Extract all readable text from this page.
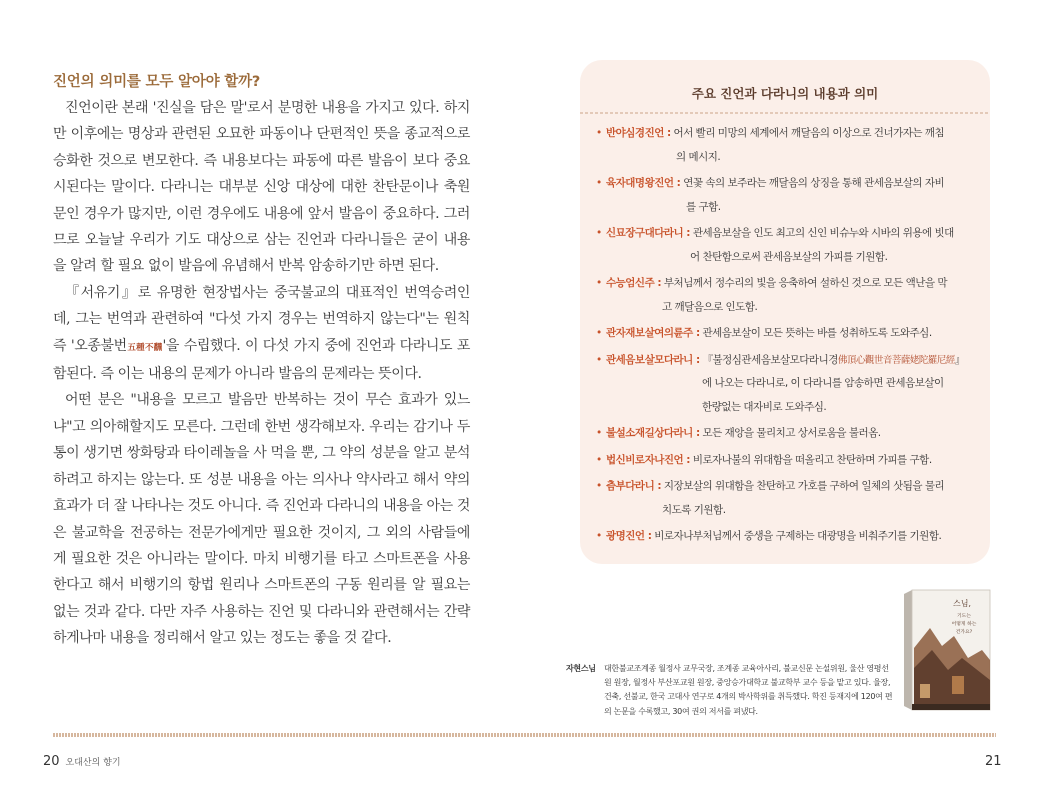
진언의 의미를 모두 알아야 할까?

진언이란 본래 '진실을 담은 말'로서 분명한 내용을 가지고 있다. 하지만 이후에는 명상과 관련된 오묘한 파동이나 단편적인 뜻을 종교적으로 승화한 것으로 변모한다. 즉 내용보다는 파동에 따른 발음이 보다 중요시된다는 말이다. 다라니는 대부분 신앙 대상에 대한 찬탄문이나 축원문인 경우가 많지만, 이런 경우에도 내용에 앞서 발음이 중요하다. 그러므로 오늘날 우리가 기도 대상으로 삼는 진언과 다라니들은 굳이 내용을 알려 할 필요 없이 발음에 유념해서 반복 암송하기만 하면 된다.

『서유기』로 유명한 현장법사는 중국불교의 대표적인 번역승려인데, 그는 번역과 관련하여 "다섯 가지 경우는 번역하지 않는다"는 원칙 즉 '오종불번五種不飜'을 수립했다. 이 다섯 가지 중에 진언과 다라니도 포함된다. 즉 이는 내용의 문제가 아니라 발음의 문제라는 뜻이다.

어떤 분은 "내용을 모르고 발음만 반복하는 것이 무슨 효과가 있느냐"고 의아해할지도 모른다. 그런데 한번 생각해보자. 우리는 감기나 두통이 생기면 쌍화탕과 타이레놀을 사 먹을 뿐, 그 약의 성분을 알고 분석하려고 하지는 않는다. 또 성분 내용을 아는 의사나 약사라고 해서 약의 효과가 더 잘 나타나는 것도 아니다. 즉 진언과 다라니의 내용을 아는 것은 불교학을 전공하는 전문가에게만 필요한 것이지, 그 외의 사람들에게 필요한 것은 아니라는 말이다. 마치 비행기를 타고 스마트폰을 사용한다고 해서 비행기의 항법 원리나 스마트폰의 구동 원리를 알 필요는 없는 것과 같다. 다만 자주 사용하는 진언 및 다라니와 관련해서는 간략하게나마 내용을 정리해서 알고 있는 정도는 좋을 것 같다.

주요 진언과 다라니의 내용과 의미
• 반야심경진언 : 어서 빨리 미망의 세계에서 깨달음의 이상으로 건너가자는 깨침
의 메시지.
• 육자대명왕진언 : 연꽃 속의 보주라는 깨달음의 상징을 통해 관세음보살의 자비
를 구함.
• 신묘장구대다라니 : 관세음보살을 인도 최고의 신인 비슈누와 시바의 위용에 빗대
어 찬탄함으로써 관세음보살의 가피를 기원함.
• 수능엄신주 : 부처님께서 정수리의 빛을 응축하여 설하신 것으로 모든 액난을 막
고 깨달음으로 인도함.
• 관자재보살여의륜주 : 관세음보살이 모든 뜻하는 바를 성취하도록 도와주심.
• 관세음보살모다라니 : 『불정심관세음보살모다라니경佛頂心觀世音菩薩姥陀羅尼經』
에 나오는 다라니로, 이 다라니를 암송하면 관세음보살이
한량없는 대자비로 도와주심.
• 불설소재길상다라니 : 모든 재앙을 물리치고 상서로움을 불러옴.
• 법신비로자나진언 : 비로자나불의 위대함을 떠올리고 찬탄하며 가피를 구함.
• 츰부다라니 : 지장보살의 위대함을 찬탄하고 가호를 구하여 일체의 삿됨을 물리
치도록 기원함.
• 광명진언 : 비로자나부처님께서 중생을 구제하는 대광명을 비춰주기를 기원함.
스님,
기도는
어떻게 하는
건가요?
자현스님 대한불교조계종 월정사 교무국장, 조계종 교육아사리, 불교신문 논설위원, 울산 영평선원 원장, 월정사 부산포교원 원장, 중앙승가대학교 불교학부 교수 등을 맡고 있다. 율장, 건축, 선불교, 한국 고대사 연구로 4개의 박사학위를 취득했다. 학진 등재지에 120여 편의 논문을 수록했고, 30여 권의 저서를 펴냈다.
20 오대산의 향기	21
